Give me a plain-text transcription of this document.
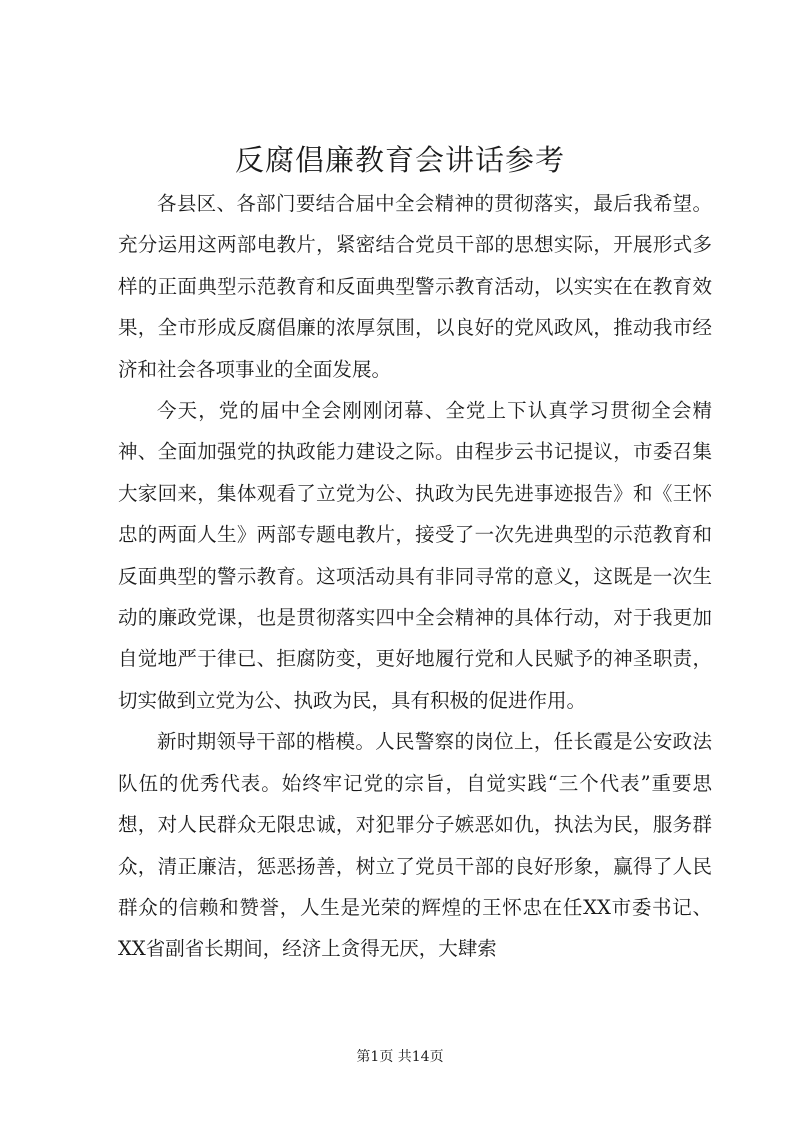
反腐倡廉教育会讲话参考

各县区、各部门要结合届中全会精神的贯彻落实，最后我希望。充分运用这两部电教片，紧密结合党员干部的思想实际，开展形式多样的正面典型示范教育和反面典型警示教育活动，以实实在在教育效果，全市形成反腐倡廉的浓厚氛围，以良好的党风政风，推动我市经济和社会各项事业的全面发展。

今天，党的届中全会刚刚闭幕、全党上下认真学习贯彻全会精神、全面加强党的执政能力建设之际。由程步云书记提议，市委召集大家回来，集体观看了立党为公、执政为民先进事迹报告》和《王怀忠的两面人生》两部专题电教片，接受了一次先进典型的示范教育和反面典型的警示教育。这项活动具有非同寻常的意义，这既是一次生动的廉政党课，也是贯彻落实四中全会精神的具体行动，对于我更加自觉地严于律已、拒腐防变，更好地履行党和人民赋予的神圣职责，切实做到立党为公、执政为民，具有积极的促进作用。

新时期领导干部的楷模。人民警察的岗位上，任长霞是公安政法队伍的优秀代表。始终牢记党的宗旨，自觉实践“三个代表”重要思想，对人民群众无限忠诚，对犯罪分子嫉恶如仇，执法为民，服务群众，清正廉洁，惩恶扬善，树立了党员干部的良好形象，赢得了人民群众的信赖和赞誉，人生是光荣的辉煌的王怀忠在任XX市委书记、XX省副省长期间，经济上贪得无厌，大肆索

第1页 共14页
